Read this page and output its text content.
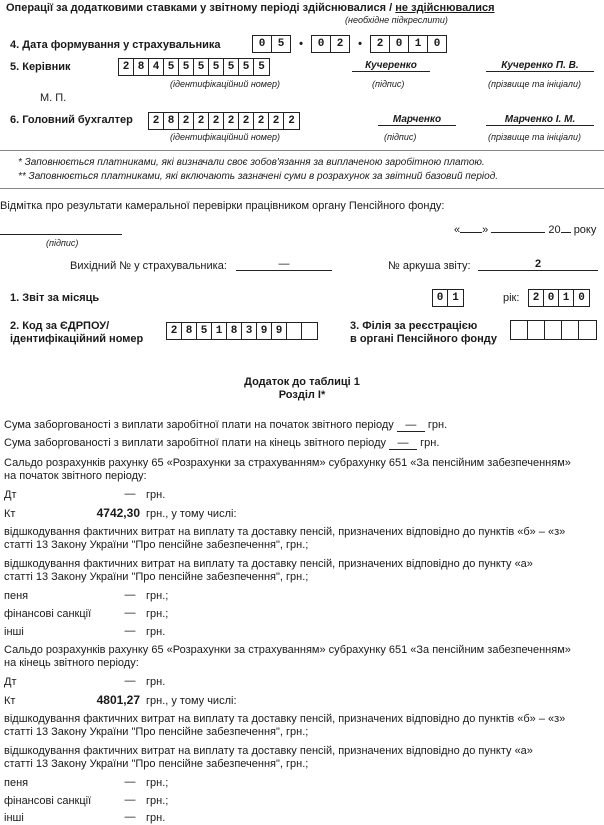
Операції за додатковими ставками у звітному періоді здійснювалися / не здійснювалися
(необхідне підкреслити)
4. Дата формування у страхувальника	0	5	•	0	2	•	2	0	1	0
5. Керівник	2 8 4 5 5 5 5 5 5 5
(ідентифікаційний номер)
Кучеренко
(підпис)
Кучеренко П. В.
(прізвище та ініціали)
М. П.
6. Головний бухгалтер	2 8 2 2 2 2 2 2 2 2
(ідентифікаційний номер)
Марченко
(підпис)
Марченко І. М.
(прізвище та ініціали)
* Заповнюється платниками, які визначали своє зобов'язання за виплаченою заробітною платою.
** Заповнюється платниками, які включають зазначені суми в розрахунок за звітний базовий період.
Відмітка про результати камеральної перевірки працівником органу Пенсійного фонду:
(підпис)
« »	20 року
Вихідний № у страхувальника:	—	№ аркуша звіту:	2
1. Звіт за місяць	0 1	рік:	2 0 1 0
2. Код за ЄДРПОУ/
ідентифікаційний номер
2 8 5 1 8 3 9 9	3. Філія за реєстрацією
в органі Пенсійного фонду
Додаток до таблиці 1
Розділ I*
Сума заборгованості з виплати заробітної плати на початок звітного періоду — грн.
Сума заборгованості з виплати заробітної плати на кінець звітного періоду — грн.
Сальдо розрахунків рахунку 65 «Розрахунки за страхуванням» субрахунку 651 «За пенсійним забезпеченням»
на початок звітного періоду:
Дт	— грн.
Кт	4742,30 грн., у тому числі:
відшкодування фактичних витрат на виплату та доставку пенсій, призначених відповідно до пунктів «б» – «з»
статті 13 Закону України "Про пенсійне забезпечення", грн.;
відшкодування фактичних витрат на виплату та доставку пенсій, призначених відповідно до пункту «а»
статті 13 Закону України "Про пенсійне забезпечення", грн.;
пеня	— грн.;
фінансові санкції	— грн.;
інші	— грн.
Сальдо розрахунків рахунку 65 «Розрахунки за страхуванням» субрахунку 651 «За пенсійним забезпеченням»
на кінець звітного періоду:
Дт	— грн.
Кт	4801,27 грн., у тому числі:
відшкодування фактичних витрат на виплату та доставку пенсій, призначених відповідно до пунктів «б» – «з»
статті 13 Закону України "Про пенсійне забезпечення", грн.;
відшкодування фактичних витрат на виплату та доставку пенсій, призначених відповідно до пункту «а»
статті 13 Закону України "Про пенсійне забезпечення", грн.;
пеня	— грн.;
фінансові санкції	— грн.;
інші	— грн.
